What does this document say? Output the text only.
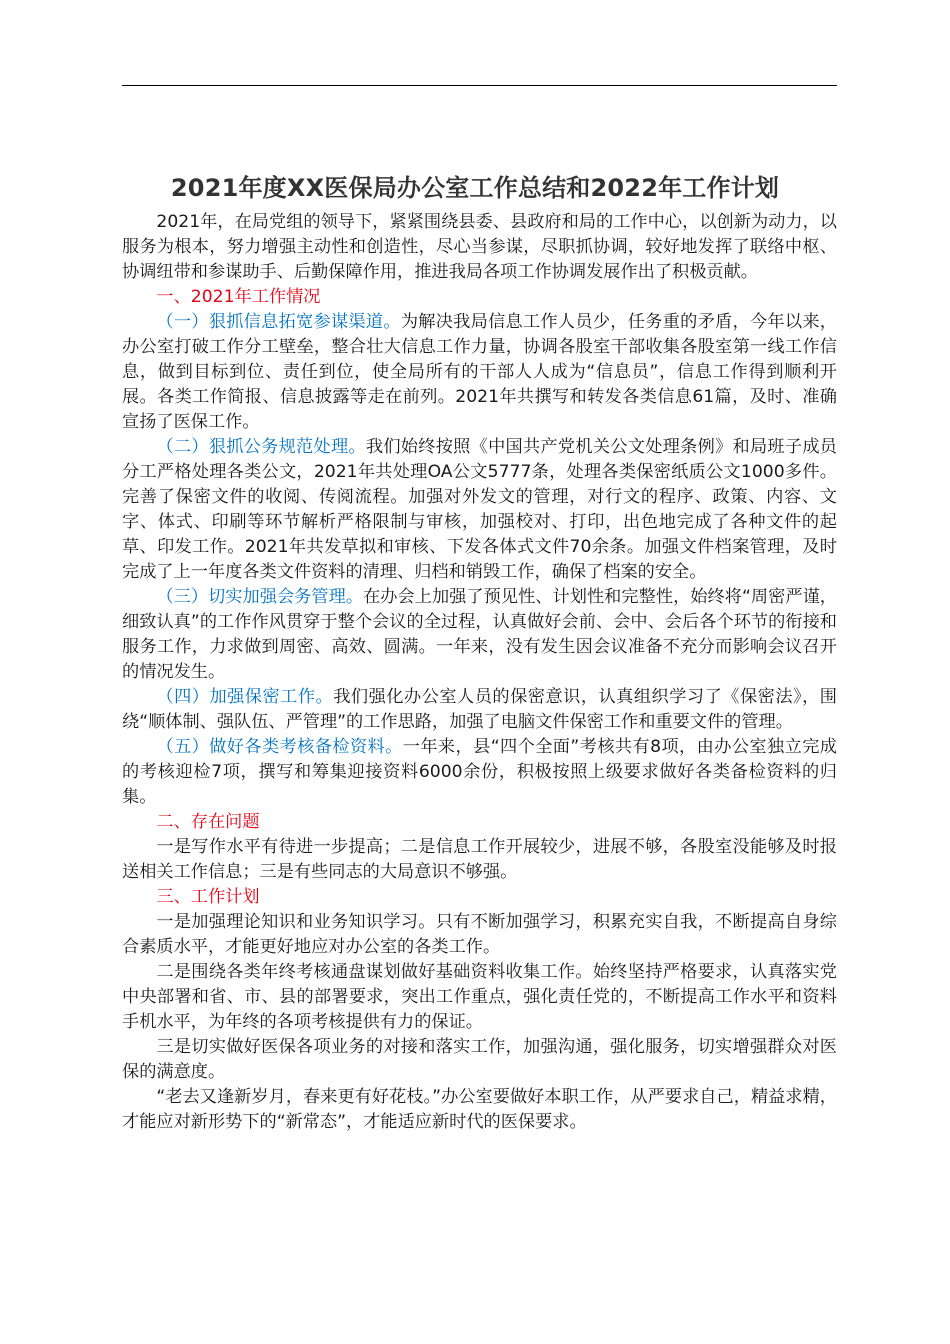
2021年度XX医保局办公室工作总结和2022年工作计划

2021年，在局党组的领导下，紧紧围绕县委、县政府和局的工作中心，以创新为动力，以服务为根本，努力增强主动性和创造性，尽心当参谋，尽职抓协调，较好地发挥了联络中枢、协调纽带和参谋助手、后勤保障作用，推进我局各项工作协调发展作出了积极贡献。

一、2021年工作情况

（一）狠抓信息拓宽参谋渠道。为解决我局信息工作人员少，任务重的矛盾，今年以来，办公室打破工作分工壁垒，整合壮大信息工作力量，协调各股室干部收集各股室第一线工作信息，做到目标到位、责任到位，使全局所有的干部人人成为“信息员”，信息工作得到顺利开展。各类工作简报、信息披露等走在前列。2021年共撰写和转发各类信息61篇，及时、准确宣扬了医保工作。

（二）狠抓公务规范处理。我们始终按照《中国共产党机关公文处理条例》和局班子成员分工严格处理各类公文，2021年共处理OA公文5777条，处理各类保密纸质公文1000多件。完善了保密文件的收阅、传阅流程。加强对外发文的管理，对行文的程序、政策、内容、文字、体式、印刷等环节解析严格限制与审核，加强校对、打印，出色地完成了各种文件的起草、印发工作。2021年共发草拟和审核、下发各体式文件70余条。加强文件档案管理，及时完成了上一年度各类文件资料的清理、归档和销毁工作，确保了档案的安全。

（三）切实加强会务管理。在办会上加强了预见性、计划性和完整性，始终将“周密严谨，细致认真”的工作作风贯穿于整个会议的全过程，认真做好会前、会中、会后各个环节的衔接和服务工作，力求做到周密、高效、圆满。一年来，没有发生因会议准备不充分而影响会议召开的情况发生。

（四）加强保密工作。我们强化办公室人员的保密意识，认真组织学习了《保密法》，围绕“顺体制、强队伍、严管理”的工作思路，加强了电脑文件保密工作和重要文件的管理。

（五）做好各类考核备检资料。一年来，县“四个全面”考核共有8项，由办公室独立完成的考核迎检7项，撰写和筹集迎接资料6000余份，积极按照上级要求做好各类备检资料的归集。

二、存在问题

一是写作水平有待进一步提高；二是信息工作开展较少，进展不够，各股室没能够及时报送相关工作信息；三是有些同志的大局意识不够强。

三、工作计划

一是加强理论知识和业务知识学习。只有不断加强学习，积累充实自我，不断提高自身综合素质水平，才能更好地应对办公室的各类工作。

二是围绕各类年终考核通盘谋划做好基础资料收集工作。始终坚持严格要求，认真落实党中央部署和省、市、县的部署要求，突出工作重点，强化责任党的，不断提高工作水平和资料手机水平，为年终的各项考核提供有力的保证。

三是切实做好医保各项业务的对接和落实工作，加强沟通，强化服务，切实增强群众对医保的满意度。

“老去又逢新岁月，春来更有好花枝。”办公室要做好本职工作，从严要求自己，精益求精，才能应对新形势下的“新常态”，才能适应新时代的医保要求。
